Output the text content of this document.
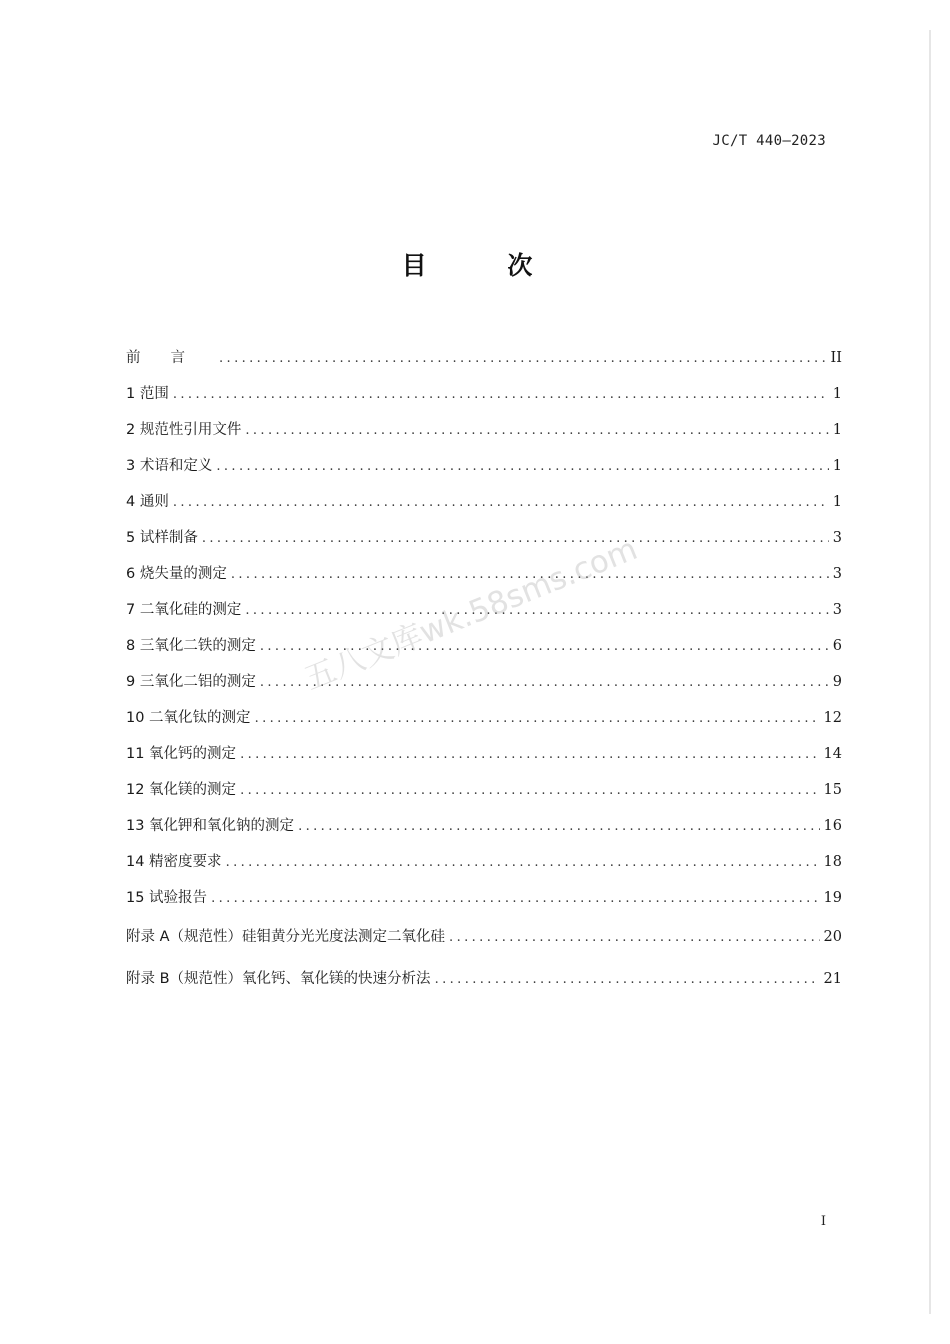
JC/T 440—2023
目 次
前言 .....	II
1 范围 .....	1
2 规范性引用文件 .....	1
3 术语和定义 .....	1
4 通则 .....	1
5 试样制备 .....	3
6 烧失量的测定 .....	3
7 二氧化硅的测定 .....	3
8 三氧化二铁的测定 .....	6
9 三氧化二铝的测定 .....	9
10 二氧化钛的测定 .....	12
11 氧化钙的测定 .....	14
12 氧化镁的测定 .....	15
13 氧化钾和氧化钠的测定 .....	16
14 精密度要求 .....	18
15 试验报告 .....	19
附录 A（规范性）硅钼黄分光光度法测定二氧化硅 .....	20
附录 B（规范性）氧化钙、氧化镁的快速分析法 .....	21
五八文库wk.58sms.com
I
